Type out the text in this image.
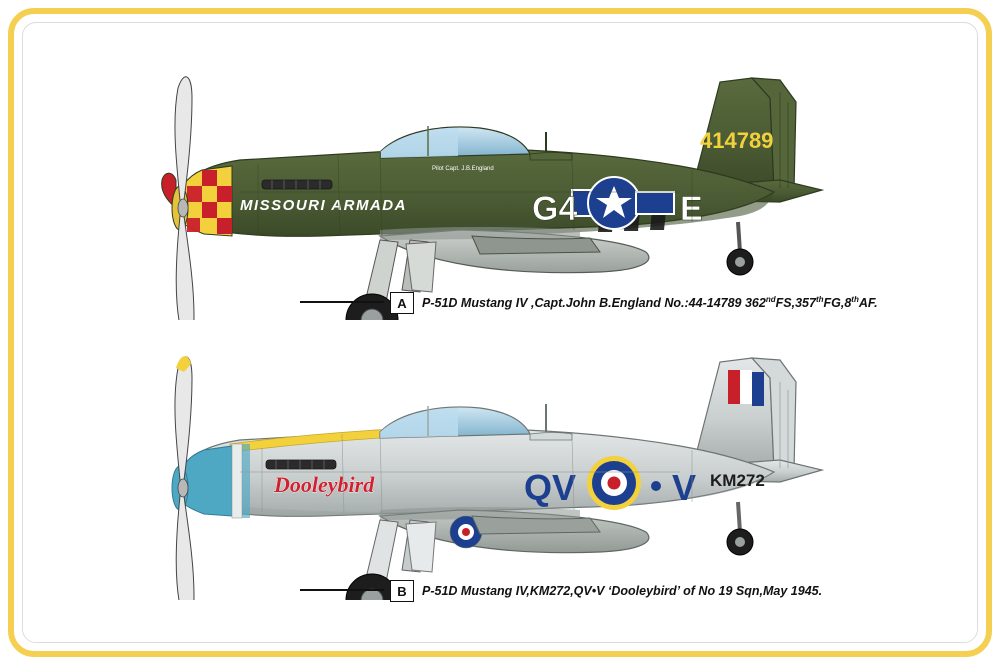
G4	E
414789
MISSOURI ARMADA
Pilot Capt. J.B.England
A	P-51D Mustang IV ,Capt.John B.England No.:44-14789 362ndFS,357thFG,8thAF.
QV	V KM272
Dooleybird
B	P-51D Mustang IV,KM272,QV•V ‘Dooleybird’ of No 19 Sqn,May 1945.
